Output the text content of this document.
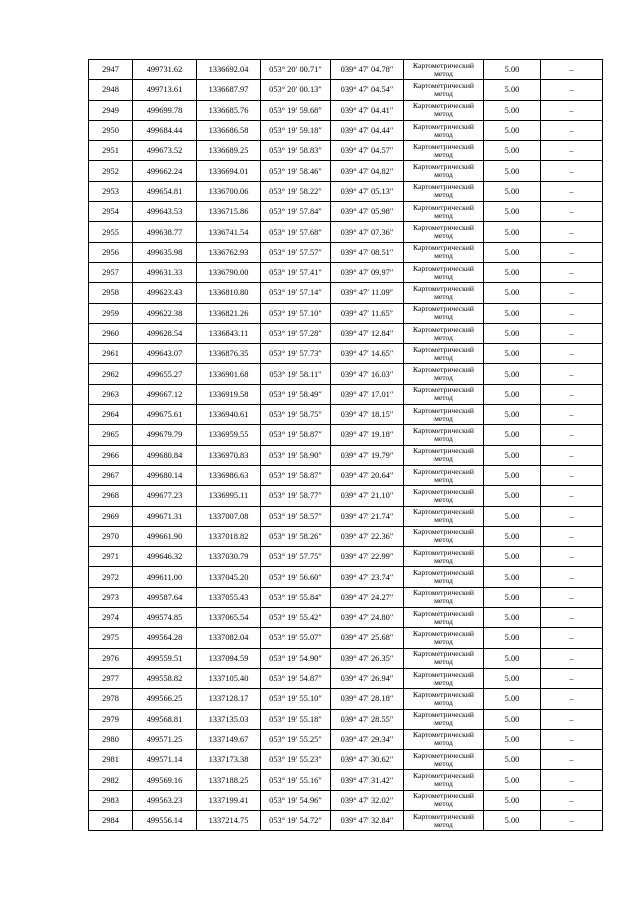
2947	499731.62	1336692.04	053° 20′ 00.71″	039° 47′ 04.78″	Картометрический метод	5.00	–
2948	499713.61	1336687.97	053° 20′ 00.13″	039° 47′ 04.54″	Картометрический метод	5.00	–
2949	499699.78	1336685.76	053° 19′ 59.68″	039° 47′ 04.41″	Картометрический метод	5.00	–
2950	499684.44	1336686.58	053° 19′ 59.18″	039° 47′ 04.44″	Картометрический метод	5.00	–
2951	499673.52	1336689.25	053° 19′ 58.83″	039° 47′ 04.57″	Картометрический метод	5.00	–
2952	499662.24	1336694.01	053° 19′ 58.46″	039° 47′ 04.82″	Картометрический метод	5.00	–
2953	499654.81	1336700.06	053° 19′ 58.22″	039° 47′ 05.13″	Картометрический метод	5.00	–
2954	499643.53	1336715.86	053° 19′ 57.84″	039° 47′ 05.98″	Картометрический метод	5.00	–
2955	499638.77	1336741.54	053° 19′ 57.68″	039° 47′ 07.36″	Картометрический метод	5.00	–
2956	499635.98	1336762.93	053° 19′ 57.57″	039° 47′ 08.51″	Картометрический метод	5.00	–
2957	499631.33	1336790.00	053° 19′ 57.41″	039° 47′ 09.97″	Картометрический метод	5.00	–
2958	499623.43	1336810.80	053° 19′ 57.14″	039° 47′ 11.09″	Картометрический метод	5.00	–
2959	499622.38	1336821.26	053° 19′ 57.10″	039° 47′ 11.65″	Картометрический метод	5.00	–
2960	499628.54	1336843.11	053° 19′ 57.28″	039° 47′ 12.84″	Картометрический метод	5.00	–
2961	499643.07	1336876.35	053° 19′ 57.73″	039° 47′ 14.65″	Картометрический метод	5.00	–
2962	499655.27	1336901.68	053° 19′ 58.11″	039° 47′ 16.03″	Картометрический метод	5.00	–
2963	499667.12	1336919.58	053° 19′ 58.49″	039° 47′ 17.01″	Картометрический метод	5.00	–
2964	499675.61	1336940.61	053° 19′ 58.75″	039° 47′ 18.15″	Картометрический метод	5.00	–
2965	499679.79	1336959.55	053° 19′ 58.87″	039° 47′ 19.18″	Картометрический метод	5.00	–
2966	499680.84	1336970.83	053° 19′ 58.90″	039° 47′ 19.79″	Картометрический метод	5.00	–
2967	499680.14	1336986.63	053° 19′ 58.87″	039° 47′ 20.64″	Картометрический метод	5.00	–
2968	499677.23	1336995.11	053° 19′ 58.77″	039° 47′ 21.10″	Картометрический метод	5.00	–
2969	499671.31	1337007.08	053° 19′ 58.57″	039° 47′ 21.74″	Картометрический метод	5.00	–
2970	499661.90	1337018.82	053° 19′ 58.26″	039° 47′ 22.36″	Картометрический метод	5.00	–
2971	499646.32	1337030.79	053° 19′ 57.75″	039° 47′ 22.99″	Картометрический метод	5.00	–
2972	499611.00	1337045.20	053° 19′ 56.60″	039° 47′ 23.74″	Картометрический метод	5.00	–
2973	499587.64	1337055.43	053° 19′ 55.84″	039° 47′ 24.27″	Картометрический метод	5.00	–
2974	499574.85	1337065.54	053° 19′ 55.42″	039° 47′ 24.80″	Картометрический метод	5.00	–
2975	499564.28	1337082.04	053° 19′ 55.07″	039° 47′ 25.68″	Картометрический метод	5.00	–
2976	499559.51	1337094.59	053° 19′ 54.90″	039° 47′ 26.35″	Картометрический метод	5.00	–
2977	499558.82	1337105.40	053° 19′ 54.87″	039° 47′ 26.94″	Картометрический метод	5.00	–
2978	499566.25	1337128.17	053° 19′ 55.10″	039° 47′ 28.18″	Картометрический метод	5.00	–
2979	499568.81	1337135.03	053° 19′ 55.18″	039° 47′ 28.55″	Картометрический метод	5.00	–
2980	499571.25	1337149.67	053° 19′ 55.25″	039° 47′ 29.34″	Картометрический метод	5.00	–
2981	499571.14	1337173.38	053° 19′ 55.23″	039° 47′ 30.62″	Картометрический метод	5.00	–
2982	499569.16	1337188.25	053° 19′ 55.16″	039° 47′ 31.42″	Картометрический метод	5.00	–
2983	499563.23	1337199.41	053° 19′ 54.96″	039° 47′ 32.02″	Картометрический метод	5.00	–
2984	499556.14	1337214.75	053° 19′ 54.72″	039° 47′ 32.84″	Картометрический метод	5.00	–
